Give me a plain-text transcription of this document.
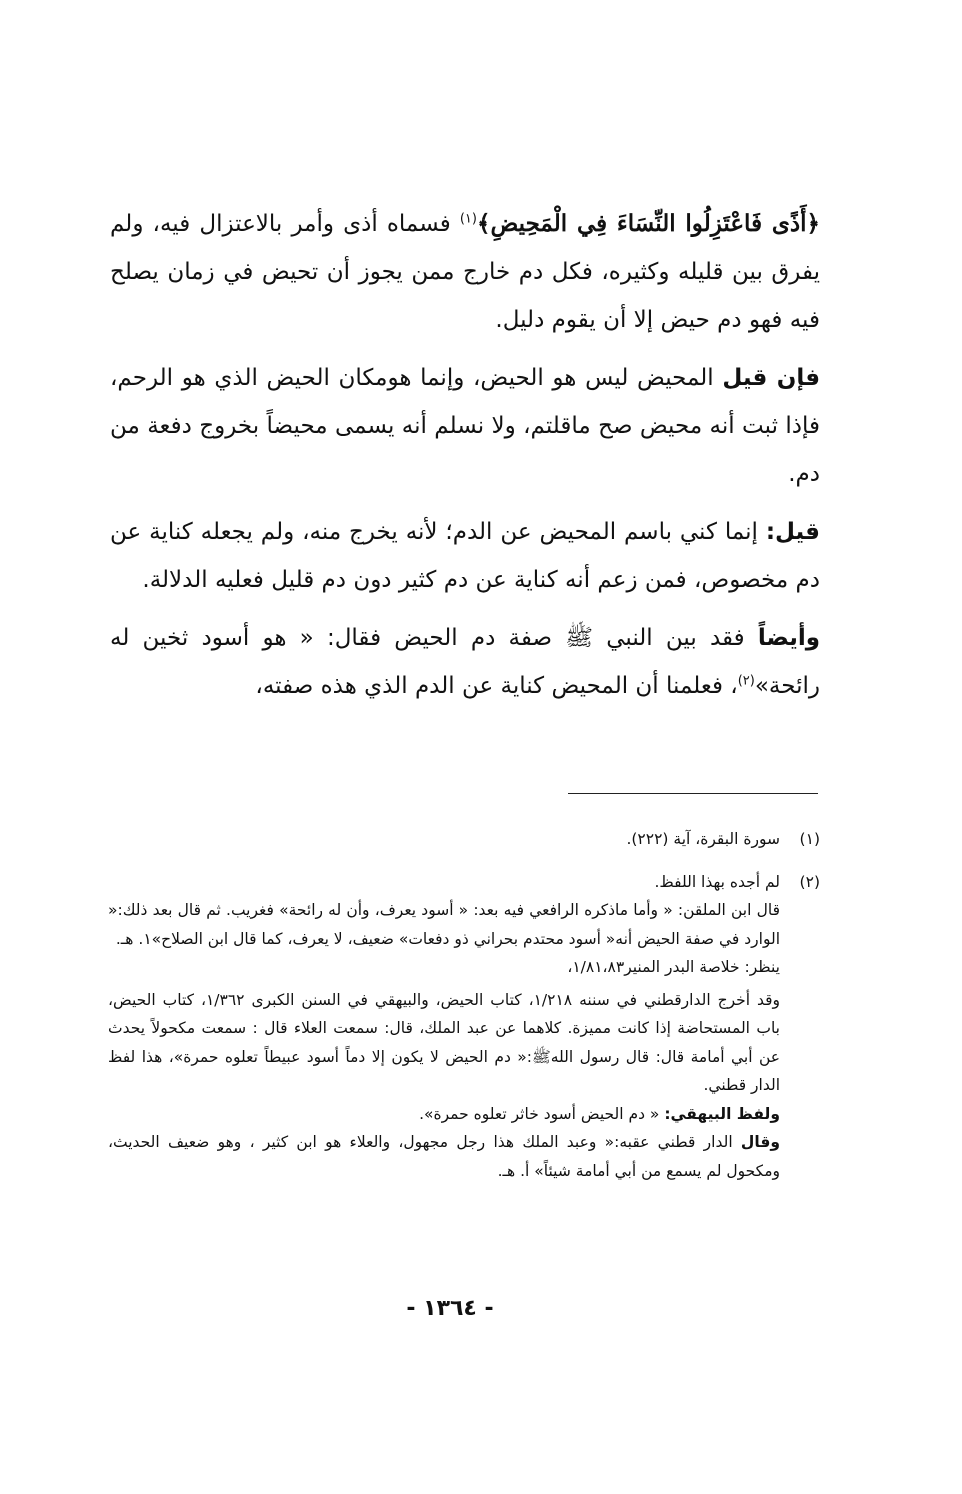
﴿أَذًى فَاعْتَزِلُوا النِّسَاءَ فِي الْمَحِيضِ﴾$^{(١)}$ فسماه أذى وأمر بالاعتزال فيه، ولم يفرق بين قليله وكثيره، فكل دم خارج ممن يجوز أن تحيض في زمان يصلح فيه فهو دم حيض إلا أن يقوم دليل.

فإن قيل المحيض ليس هو الحيض، وإنما هومكان الحيض الذي هو الرحم، فإذا ثبت أنه محيض صح ماقلتم، ولا نسلم أنه يسمى محيضاً بخروج دفعة من دم.

قيل: إنما كني باسم المحيض عن الدم؛ لأنه يخرج منه، ولم يجعله كناية عن دم مخصوص، فمن زعم أنه كناية عن دم كثير دون دم قليل فعليه الدلالة.

وأيضاً فقد بين النبي ﷺ صفة دم الحيض فقال: « هو أسود ثخين له رائحة»$^{(٢)}$، فعلمنا أن المحيض كناية عن الدم الذي هذه صفته،

(١)
سورة البقرة، آية (٢٢٢).
(٢)
لم أجده بهذا اللفظ.
قال ابن الملقن: « وأما ماذكره الرافعي فيه بعد: « أسود يعرف، وأن له رائحة» فغريب. ثم قال بعد ذلك:« الوارد في صفة الحيض أنه« أسود محتدم بحراني ذو دفعات» ضعيف، لا يعرف، كما قال ابن الصلاح»١. هـ.
ينظر: خلاصة البدر المنير١/٨١،٨٣،
وقد أخرج الدارقطني في سننه ١/٢١٨، كتاب الحيض، والبيهقي في السنن الكبرى ١/٣٦٢، كتاب الحيض، باب المستحاضة إذا كانت مميزة. كلاهما عن عبد الملك، قال: سمعت العلاء قال : سمعت مكحولاً يحدث عن أبي أمامة قال: قال رسول اللهﷺ:« دم الحيض لا يكون إلا دماً أسود عبيطاً تعلوه حمرة»، هذا لفظ الدار قطني.
ولفظ البيهقي: « دم الحيض أسود خاثر تعلوه حمرة».
وقال الدار قطني عقبه:« وعبد الملك هذا رجل مجهول، والعلاء هو ابن كثير ، وهو ضعيف الحديث، ومكحول لم يسمع من أبي أمامة شيئاً» أ. هـ.
- ١٣٦٤ -
